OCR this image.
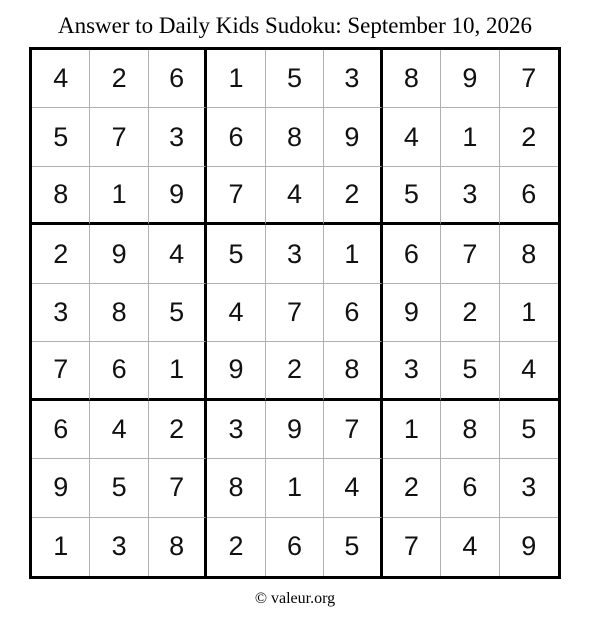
Answer to Daily Kids Sudoku: September 10, 2026
4	2	6	1	5	3	8	9	7
5	7	3	6	8	9	4	1	2
8	1	9	7	4	2	5	3	6
2	9	4	5	3	1	6	7	8
3	8	5	4	7	6	9	2	1
7	6	1	9	2	8	3	5	4
6	4	2	3	9	7	1	8	5
9	5	7	8	1	4	2	6	3
1	3	8	2	6	5	7	4	9
© valeur.org
